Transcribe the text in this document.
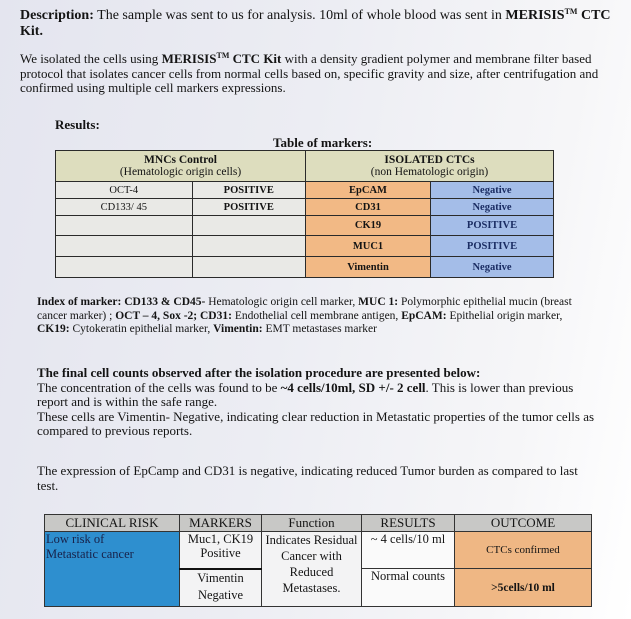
Description: The sample was sent to us for analysis. 10ml of whole blood was sent in MERISIS™ CTC
Kit.

We isolated the cells using MERISIS™ CTC Kit with a density gradient polymer and membrane filter based
protocol that isolates cancer cells from normal cells based on, specific gravity and size, after centrifugation and
confirmed using multiple cell markers expressions.

Results:
Table of markers:
MNCs Control
(Hematologic origin cells)		ISOLATED CTCs
(non Hematologic origin)	
OCT-4	POSITIVE	EpCAM	Negative
CD133/ 45	POSITIVE	CD31	Negative
		CK19	POSITIVE
		MUC1	POSITIVE
		Vimentin	Negative

Index of marker: CD133 & CD45- Hematologic origin cell marker, MUC 1: Polymorphic epithelial mucin (breast
cancer marker) ; OCT – 4, Sox -2; CD31: Endothelial cell membrane antigen, EpCAM: Epithelial origin marker,
CK19: Cytokeratin epithelial marker, Vimentin: EMT metastases marker

The final cell counts observed after the isolation procedure are presented below:
The concentration of the cells was found to be ~4 cells/10ml, SD +/- 2 cell. This is lower than previous
report and is within the safe range.
These cells are Vimentin- Negative, indicating clear reduction in Metastatic properties of the tumor cells as
compared to previous reports.

The expression of EpCamp and CD31 is negative, indicating reduced Tumor burden as compared to last
test.

CLINICAL RISK	MARKERS	Function	RESULTS	OUTCOME
Low risk of
Metastatic cancer	Muc1, CK19
Positive	Indicates Residual
Cancer with
Reduced
Metastases.	~ 4 cells/10 ml	CTCs confirmed
	Vimentin
Negative		Normal counts	>5cells/10 ml
